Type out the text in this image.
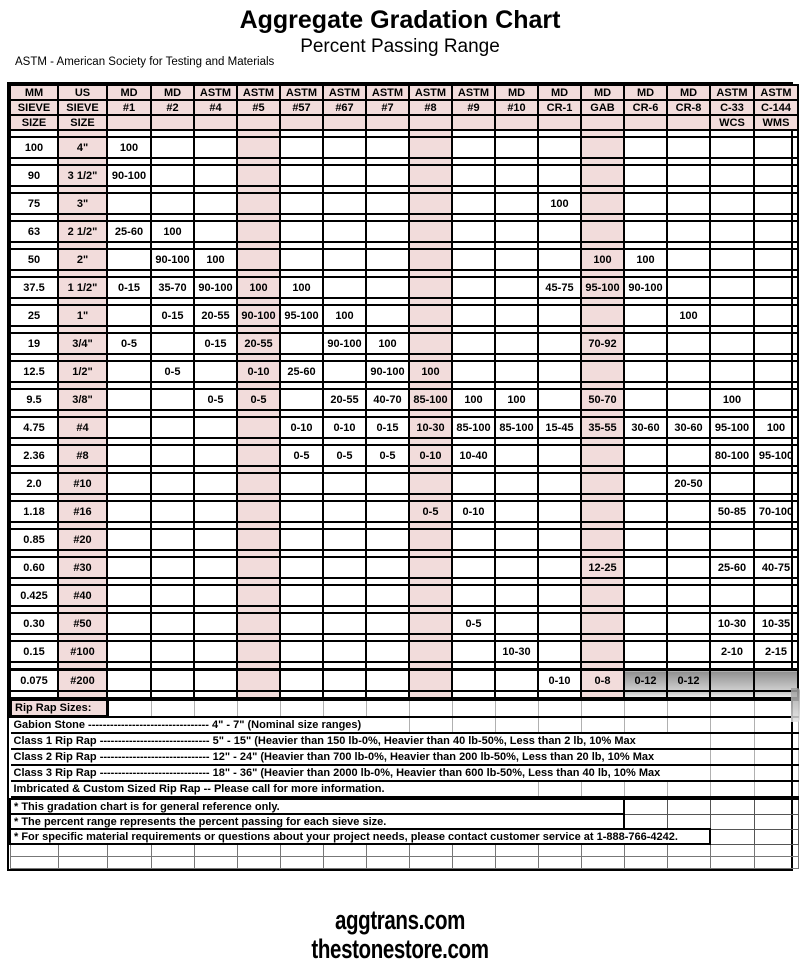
Aggregate Gradation Chart
Percent Passing Range
ASTM - American Society for Testing and Materials
MM	US	MD	MD	ASTM	ASTM	ASTM	ASTM	ASTM	ASTM	ASTM	MD	MD	MD	MD	MD	ASTM	ASTM
SIEVE	SIEVE	#1	#2	#4	#5	#57	#67	#7	#8	#9	#10	CR-1	GAB	CR-6	CR-8	C-33	C-144
SIZE	SIZE															WCS	WMS

100	4"	100															

90	3 1/2"	90-100															

75	3"											100					

63	2 1/2"	25-60	100														

50	2"		90-100	100									100	100			

37.5	1 1/2"	0-15	35-70	90-100	100	100						45-75	95-100	90-100			

25	1"		0-15	20-55	90-100	95-100	100								100		

19	3/4"	0-5		0-15	20-55		90-100	100					70-92				

12.5	1/2"		0-5		0-10	25-60		90-100	100								

9.5	3/8"			0-5	0-5		20-55	40-70	85-100	100	100		50-70			100	

4.75	#4					0-10	0-10	0-15	10-30	85-100	85-100	15-45	35-55	30-60	30-60	95-100	100

2.36	#8					0-5	0-5	0-5	0-10	10-40						80-100	95-100

2.0	#10														20-50		

1.18	#16								0-5	0-10						50-85	70-100

0.85	#20																

0.60	#30												12-25			25-60	40-75

0.425	#40																

0.30	#50									0-5						10-30	10-35

0.15	#100										10-30					2-10	2-15

0.075	#200											0-10	0-8	0-12	0-12		

Rip Rap Sizes:																
Gabion Stone --------------------------------- 4" - 7" (Nominal size ranges)																
Class 1 Rip Rap ------------------------------ 5" - 15" (Heavier than 150 lb-0%, Heavier than 40 lb-50%, Less than 2 lb, 10% Max																
Class 2 Rip Rap ------------------------------ 12" - 24" (Heavier than 700 lb-0%, Heavier than 200 lb-50%, Less than 20 lb, 10% Max																
Class 3 Rip Rap ------------------------------ 18" - 36" (Heavier than 2000 lb-0%, Heavier than 600 lb-50%, Less than 40 lb, 10% Max																
Imbricated & Custom Sized Rip Rap -- Please call for more information.																
* This gradation chart is for general reference only.																	
* The percent range represents the percent passing for each sieve size.																	
* For specific material requirements or questions about your project needs, please contact customer service at 1-888-766-4242.																	

aggtrans.com
thestonestore.com
